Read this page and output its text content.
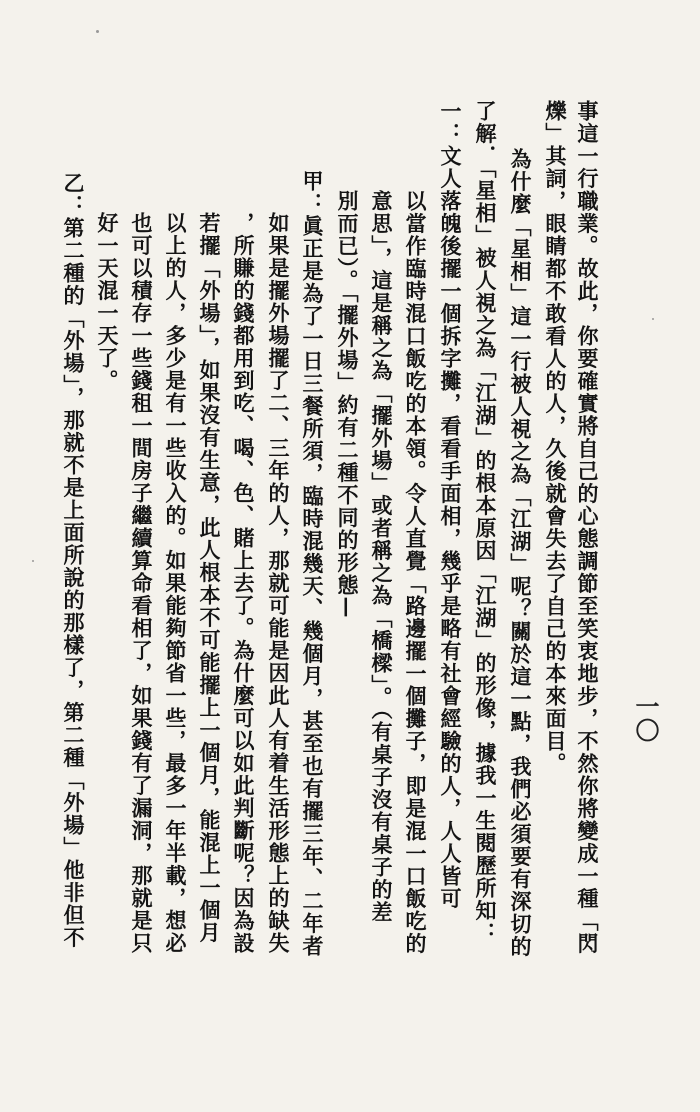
一〇
事這一行職業。故此，你要確實將自己的心態調節至笑衷地步，不然你將變成一種「閃
爍」其詞，眼睛都不敢看人的人，久後就會失去了自己的本來面目。
為什麼「星相」這一行被人視之為「江湖」呢？關於這一點，我們必須要有深切的
了解．「星相」被人視之為「江湖」的根本原因「江湖」的形像，據我一生閱歷所知：
一：文人落魄後擺一個拆字攤，看看手面相，幾乎是略有社會經驗的人，人人皆可
以當作臨時混口飯吃的本領。令人直覺「路邊擺一個攤子，即是混一口飯吃的
意思」，這是稱之為「擺外場」或者稱之為「橋樑」。（有桌子沒有桌子的差
別而已）。「擺外場」約有二種不同的形態—
甲：眞正是為了一日三餐所須，臨時混幾天、幾個月，甚至也有擺三年、二年者
如果是擺外場擺了二、三年的人，那就可能是因此人有着生活形態上的缺失
，所賺的錢都用到吃、喝、色、賭上去了。為什麼可以如此判斷呢？因為設
若擺「外場」，如果沒有生意，此人根本不可能擺上一個月，能混上一個月
以上的人，多少是有一些收入的。如果能夠節省一些，最多一年半載，想必
也可以積存一些錢租一間房子繼續算命看相了，如果錢有了漏洞，那就是只
好一天混一天了。
乙：第二種的「外場」，那就不是上面所說的那樣了，第二種「外場」他非但不
